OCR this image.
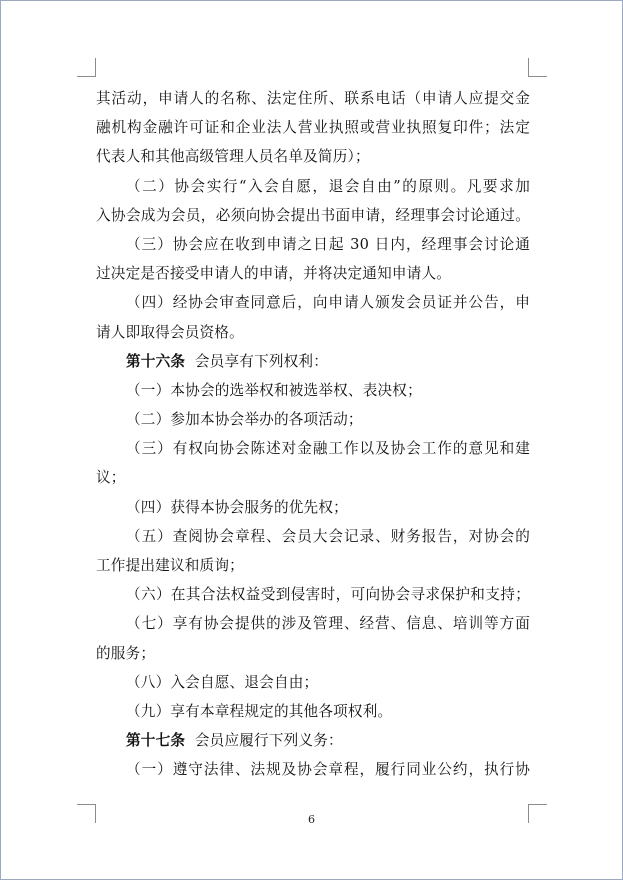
其活动，申请人的名称、法定住所、联系电话（申请人应提交金
融机构金融许可证和企业法人营业执照或营业执照复印件；法定
代表人和其他高级管理人员名单及简历）；
（二）协会实行“入会自愿，退会自由”的原则。凡要求加
入协会成为会员，必须向协会提出书面申请，经理事会讨论通过。
（三）协会应在收到申请之日起 30 日内，经理事会讨论通
过决定是否接受申请人的申请，并将决定通知申请人。
（四）经协会审查同意后，向申请人颁发会员证并公告，申
请人即取得会员资格。
第十六条 会员享有下列权利：
（一）本协会的选举权和被选举权、表决权；
（二）参加本协会举办的各项活动；
（三）有权向协会陈述对金融工作以及协会工作的意见和建
议；
（四）获得本协会服务的优先权；
（五）查阅协会章程、会员大会记录、财务报告，对协会的
工作提出建议和质询；
（六）在其合法权益受到侵害时，可向协会寻求保护和支持；
（七）享有协会提供的涉及管理、经营、信息、培训等方面
的服务；
（八）入会自愿、退会自由；
（九）享有本章程规定的其他各项权利。
第十七条 会员应履行下列义务：
（一）遵守法律、法规及协会章程，履行同业公约，执行协
6
